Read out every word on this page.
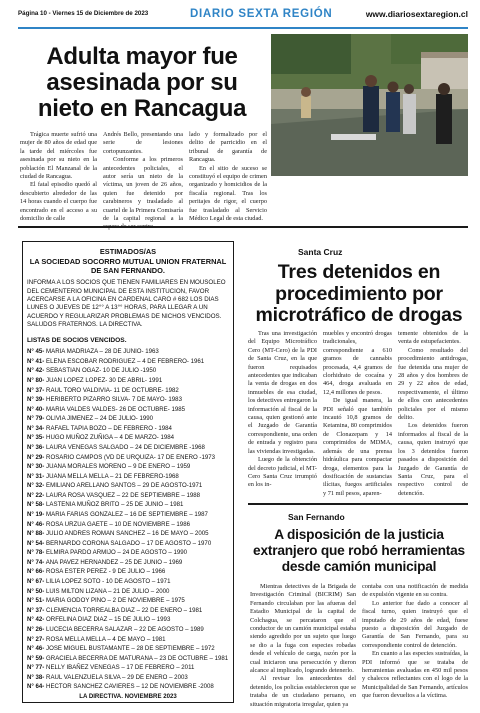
Página 10 - Viernes 15 de Diciembre de 2023	DIARIO SEXTA REGIÓN	www.diariosextaregion.cl
Adulta mayor fue asesinada por su nieto en Rancagua

Trágica muerte sufrió una mujer de 80 años de edad que la tarde del miércoles fue asesinada por su nieto en la población El Manzanal de la ciudad de Rancagua.

El fatal episodio quedó al descubierto alrededor de las 14 horas cuando el cuerpo fue encontrado en el acceso a su domicilio de calle

Andrés Bello, presentando una serie de lesiones cortopunzantes.

Conforme a los primeros antecedentes policiales, el autor sería un nieto de la víctima, un joven de 26 años, quien fue detenido por carabineros y trasladado al cuartel de la Primera Comisaría de la capital regional a la

lado y formalizado por el delito de parricidio en el tribunal de garantía de Rancagua.

En el sitio de suceso se constituyó el equipo de crimen organizado y homicidios de la fiscalía regional. Tras los peritajes de rigor, el cuerpo fue trasladado al Servicio Médico Legal de esta ciudad.

ESTIMADOS/AS
LA SOCIEDAD SOCORRO MUTUAL UNION FRATERNAL DE SAN FERNANDO.
INFORMA A LOS SOCIOS QUE TIENEN FAMILIARES EN MOUSOLEO DEL CEMENTERIO MUNICIPAL DE ESTA INSTITUCION, FAVOR ACERCARSE A LA OFICINA EN CARDENAL CARO # 682 LOS DIAS LUNES O JUEVES DE 12°° A 13°° HORAS, PARA LLEGAR A UN ACUERDO Y REGULARIZAR PROBLEMAS DE NICHOS VENCIDOS. SALUDOS FRATERNOS. LA DIRECTIVA.
LISTAS DE SOCIOS VENCIDOS.
N° 45- MARIA MADRIAZA – 28 DE JUNIO- 1963
N° 41- ELENA ESCOBAR RODRIGUEZ – 4 DE FEBRERO- 1961
N° 42- SEBASTIAN OGAZ- 10 DE JULIO -1950
N° 80- JUAN LOPEZ LOPEZ- 30 DE ABRIL- 1991
N° 37- RAUL TORO VALDIVIA- 11 DE OCTUBRE- 1982
N° 39- HERIBERTO PIZARRO SILVA- 7 DE MAYO- 1983
N° 40- MARIA VALDES VALDES- 26 DE OCTUBRE- 1985
N° 79- OLIVIA JIMENEZ – 24 DE JULIO- 1990
N° 34- RAFAEL TAPIA BOZO – DE FEBRERO - 1984
N° 35- HUGO MUÑOZ ZUÑIGA – 4 DE MARZO- 1984
N° 36- LAURA VENEGAS SALGADO – 24 DE DICIEMBRE -1968
N° 29- ROSARIO CAMPOS (VD DE URQUIZA- 17 DE ENERO -1973
N° 30- JUANA MORALES MORENO – 9 DE ENERO – 1959
N° 31- JUANA MELLA MELLA – 21 DE FEBRERO-1968
N° 32- EMILIANO ARELLANO SANTOS – 29 DE AGOSTO-1971
N° 22- LAURA ROSA VASQUEZ – 22 DE SEPTIEMBRE – 1988
N° 58- LASTENIA MUÑOZ BRITO – 25 DE JUNIO – 1981
N° 19- MARIA FARIAS GONZALEZ – 16 DE SEPTIEMBRE – 1987
N° 46- ROSA URZUA GAETE – 10 DE NOVIEMBRE – 1986
N° 88- JULIO ANDRES ROMAN SANCHEZ – 16 DE MAYO – 2005
N° 54- BERNARDO CORONA SALGADO – 17 DE AGOSTO – 1970
N° 78- ELMIRA PARDO ARMIJO – 24 DE AGOSTO – 1990
N° 74- ANA PAVEZ HERNANDEZ – 25 DE JUNIO – 1969
N° 66- ROSA ESTER PEREZ - 9 DE JULIO – 1966
N° 67- LILIA LOPEZ SOTO - 10 DE AGOSTO – 1971
N° 50- LUIS MILTON LIZANA – 21 DE JULIO – 2000
N° 51- MARIA GODOY PINO – 2 DE NOVIEMBRE – 1975
N° 37- CLEMENCIA TORREALBA DIAZ – 22 DE ENERO – 1981
N° 42- ORFELINA DIAZ DIAZ – 15 DE JULIO – 1993
N° 26- LUCECIA BECERRA SALAZAR – 22 DE AGOSTO – 1989
N° 27- ROSA MELLA MELLA – 4 DE MAYO – 1981
N° 46- JOSE MIGUEL BUSTAMANTE – 28 DE SEPTIEMBRE – 1972
N° 59- GRACIELA BECERRA DE MATURANA – 23 DE OCTUBRE – 1981
N° 77- NELLY IBAÑEZ VENEGAS – 17 DE FEBRERO – 2011
N° 38- RAUL VALENZUELA SILVA – 29 DE ENERO – 2003
N° 64- HECTOR SANCHEZ CAVIERES – 12 DE NOVIEMBRE -2008
LA DIRECTIVA. NOVIEMBRE 2023
Santa Cruz
Tres detenidos en procedimiento por microtráfico de drogas

Tras una investigación del Equipo Microtráfico Cero (MT-Cero) de la PDI de Santa Cruz, en la que fueron requisados antecedentes que indicaban la venta de drogas en dos inmuebles de esa ciudad, los detectives entregaron la información al fiscal de la causa, quien gestionó ante el Juzgado de Garantía correspondiente, una orden de entrada y registro para las viviendas investigadas.

Luego de la obtención del decreto judicial, el MT-Cero Santa Cruz irrumpió en los in-

muebles y encontró drogas tradicionales, correspondiente a 610 gramos de cannabis procesada, 4,4 gramos de clorhidrato de cocaína y 464, droga avaluada en 12,4 millones de pesos.

De igual manera, la PDI señaló que también incautó 10,8 gramos de Ketamina, 80 comprimidos de Clonazepam y 14 comprimidos de MDMA, además de una prensa hidráulica para compactar droga, elementos para la dosificación de sustancias ilícitas, fuegos artificiales y 71 mil pesos, aparen-

temente obtenidos de la venta de estupefacientes.

Como resultado del procedimiento antidrogas, fue detenida una mujer de 28 años y dos hombres de 29 y 22 años de edad, respectivamente, el último de ellos con antecedentes policiales por el mismo delito.

Los detenidos fueron informados al fiscal de la causa, quien instruyó que los 3 detenidos fueron pasados a disposición del Juzgado de Garantía de Santa Cruz, para el respectivo control de detención.

San Fernando
A disposición de la justicia extranjero que robó herramientas desde camión municipal

Mientras detectives de la Brigada de Investigación Criminal (BICRIM) San Fernando circulaban por las afueras del Estadio Municipal de la capital de Colchagua, se percataron que el conductor de un camión municipal estaba siendo agredido por un sujeto que luego se dio a la fuga con especies robadas desde el vehículo de carga, razón por la cual iniciaron una persecución y dieron alcance al implicado, logrando detenerlo.

Al revisar los antecedentes del detenido, los policías establecieron que se trataba de un ciudadano peruano, en situación migratoria irregular, quien ya

contaba con una notificación de medida de expulsión vigente en su contra.

Lo anterior fue dado a conocer al fiscal turno, quien instruyó que el imputado de 29 años de edad, fuese puesto a disposición del Juzgado de Garantía de San Fernando, para su correspondiente control de detención.

En cuanto a las especies sustraídas, la PDI informó que se trataba de herramientas avaluadas en 450 mil pesos y chalecos reflectantes con el logo de la Municipalidad de San Fernando, artículos que fueron devueltos a la víctima.
